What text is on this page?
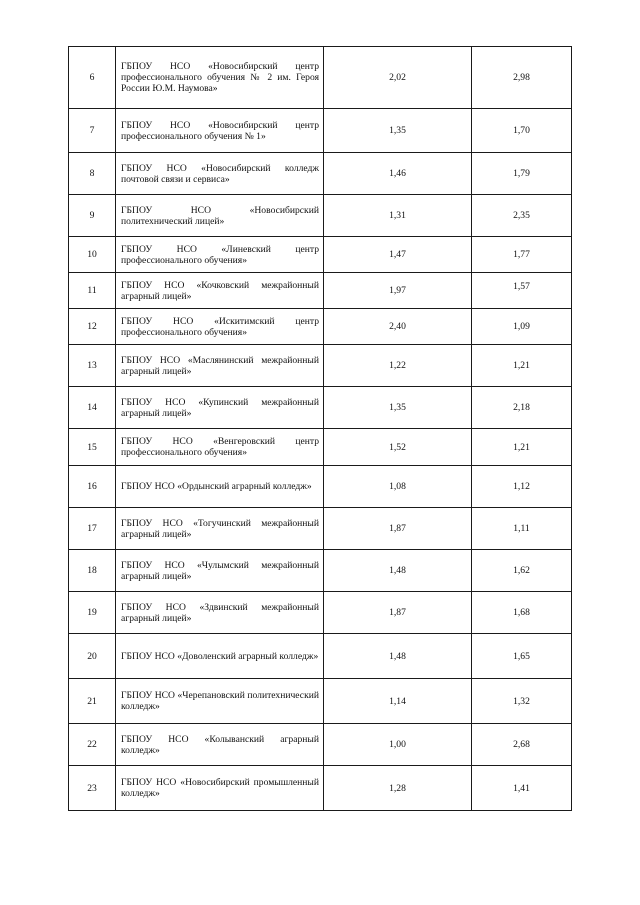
6	ГБПОУ НСО «Новосибирский центр профессионального обучения № 2 им. Героя России Ю.М. Наумова»	2,02	2,98
7	ГБПОУ НСО «Новосибирский центр профессионального обучения № 1»	1,35	1,70
8	ГБПОУ НСО «Новосибирский колледж почтовой связи и сервиса»	1,46	1,79
9	ГБПОУ НСО «Новосибирский политехнический лицей»	1,31	2,35
10	ГБПОУ НСО «Линевский центр профессионального обучения»	1,47	1,77
11	ГБПОУ НСО «Кочковский межрайонный аграрный лицей»	1,97	1,57
12	ГБПОУ НСО «Искитимский центр профессионального обучения»	2,40	1,09
13	ГБПОУ НСО «Маслянинский межрайонный аграрный лицей»	1,22	1,21
14	ГБПОУ НСО «Купинский межрайонный аграрный лицей»	1,35	2,18
15	ГБПОУ НСО «Венгеровский центр профессионального обучения»	1,52	1,21
16	ГБПОУ НСО «Ордынский аграрный колледж»	1,08	1,12
17	ГБПОУ НСО «Тогучинский межрайонный аграрный лицей»	1,87	1,11
18	ГБПОУ НСО «Чулымский межрайонный аграрный лицей»	1,48	1,62
19	ГБПОУ НСО «Здвинский межрайонный аграрный лицей»	1,87	1,68
20	ГБПОУ НСО «Доволенский аграрный колледж»	1,48	1,65
21	ГБПОУ НСО «Черепановский политехнический колледж»	1,14	1,32
22	ГБПОУ НСО «Колыванский аграрный колледж»	1,00	2,68
23	ГБПОУ НСО «Новосибирский промышленный колледж»	1,28	1,41
